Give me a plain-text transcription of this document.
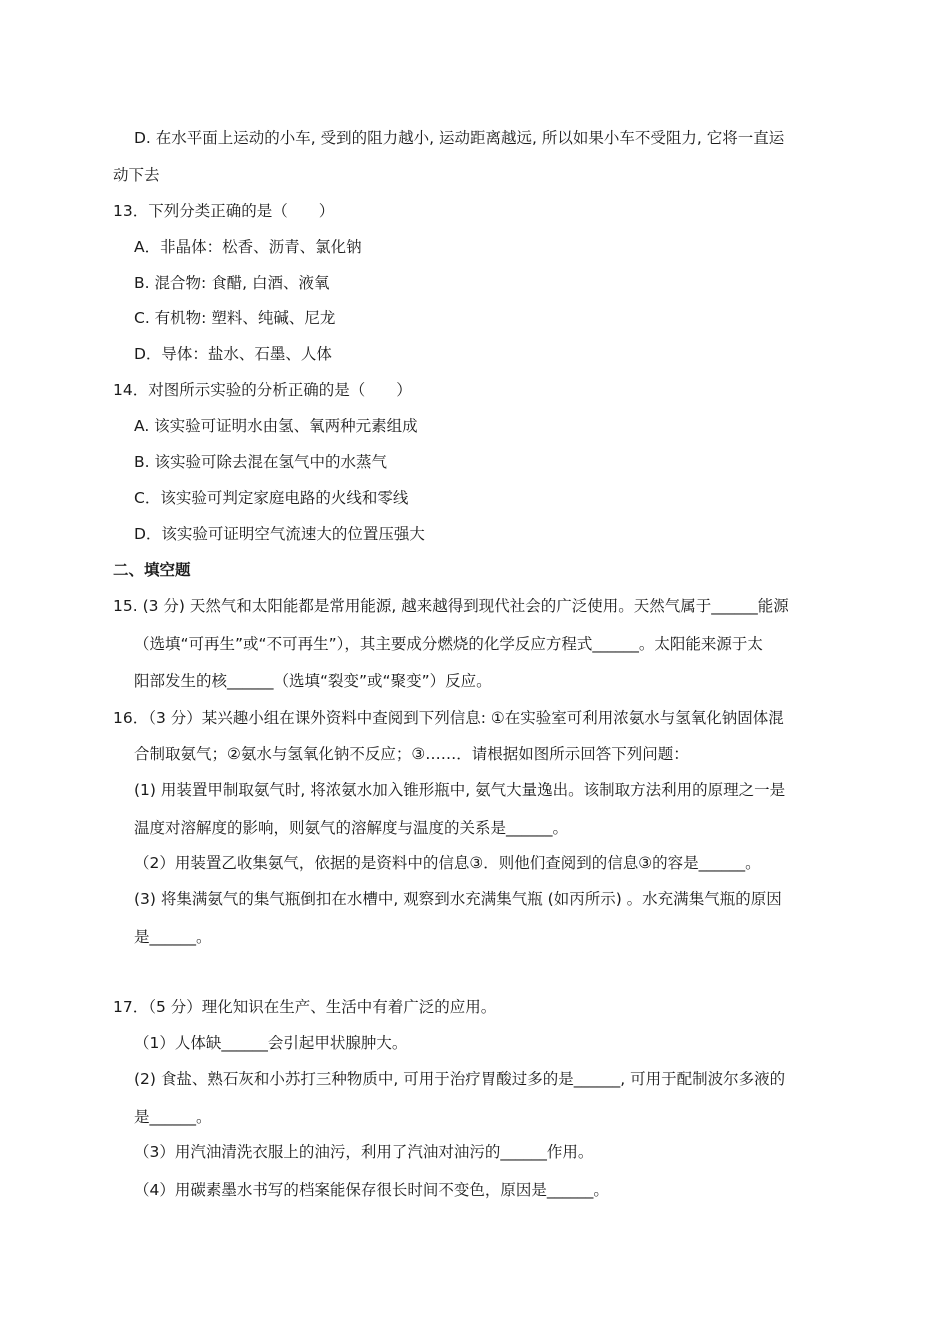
D. 在水平面上运动的小车, 受到的阻力越小, 运动距离越远, 所以如果小车不受阻力, 它将一直运
动下去
13．下列分类正确的是（　　）
A．非晶体：松香、沥青、氯化钠
B. 混合物: 食醋, 白酒、液氧
C. 有机物: 塑料、纯碱、尼龙
D．导体：盐水、石墨、人体
14．对图所示实验的分析正确的是（　　）
A. 该实验可证明水由氢、氧两种元素组成
B. 该实验可除去混在氢气中的水蒸气
C．该实验可判定家庭电路的火线和零线
D．该实验可证明空气流速大的位置压强大
二、填空题
15. (3 分) 天然气和太阳能都是常用能源, 越来越得到现代社会的广泛使用。天然气属于______能源
（选填“可再生”或“不可再生”），其主要成分燃烧的化学反应方程式______。太阳能来源于太
阳部发生的核______（选填“裂变”或“聚变”）反应。
16．（3 分）某兴趣小组在课外资料中查阅到下列信息: ①在实验室可利用浓氨水与氢氧化钠固体混
合制取氨气；②氨水与氢氧化钠不反应；③……．请根据如图所示回答下列问题：
(1) 用装置甲制取氨气时, 将浓氨水加入锥形瓶中, 氨气大量逸出。该制取方法利用的原理之一是
温度对溶解度的影响，则氨气的溶解度与温度的关系是______。
（2）用装置乙收集氨气，依据的是资料中的信息③．则他们查阅到的信息③的容是______。
(3) 将集满氨气的集气瓶倒扣在水槽中, 观察到水充满集气瓶 (如丙所示) 。水充满集气瓶的原因
是______。
17．（5 分）理化知识在生产、生活中有着广泛的应用。
（1）人体缺______会引起甲状腺肿大。
(2) 食盐、熟石灰和小苏打三种物质中, 可用于治疗胃酸过多的是______, 可用于配制波尔多液的
是______。
（3）用汽油清洗衣服上的油污，利用了汽油对油污的______作用。
（4）用碳素墨水书写的档案能保存很长时间不变色，原因是______。
